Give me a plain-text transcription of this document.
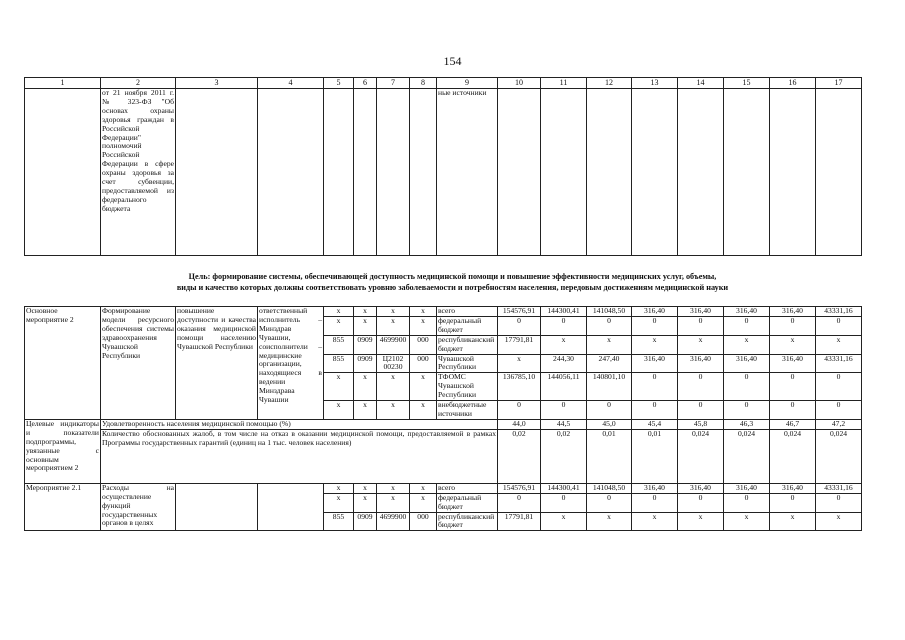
154
1	2	3	4	5	6	7	8	9	10	11	12	13	14	15	16	17
	от 21 ноября 2011 г. № 323-ФЗ "Об основах охраны здоровья граждан в Российской Федерации" полномочий Российской Федерации в сфере охраны здоровья за счет субвенции, предоставляемой из федерального бюджета							ные источники								
Цель: формирование системы, обеспечивающей доступность медицинской помощи и повышение эффективности медицинских услуг, объемы,
виды и качество которых должны соответствовать уровню заболеваемости и потребностям населения, передовым достижениям медицинской науки
Основное мероприятие 2	Формирование модели ресурсного обеспечения системы здравоохранения Чувашской Республики	повышение доступности и качества оказания медицинской помощи населению Чувашской Республики	ответственный исполнитель – Минздрав Чувашии, соисполнители – медицинские организации, находящиеся в ведении Минздрава Чувашии	x	x	x	x	всего	154576,91	144300,41	141048,50	316,40	316,40	316,40	316,40	43331,16
				x	x	x	x	федеральный бюджет	0	0	0	0	0	0	0	0
				855	0909	4699900	000	республиканский бюджет	17791,81	x	x	x	x	x	x	x
				855	0909	Ц2102 00230	000	Чувашской Республики	x	244,30	247,40	316,40	316,40	316,40	316,40	43331,16
				x	x	x	x	ТФОМС Чувашской Республики	136785,10	144056,11	140801,10	0	0	0	0	0
				x	x	x	x	внебюджетные источники	0	0	0	0	0	0	0	0
Целевые индикаторы и показатели подпрограммы, увязанные с основным мероприятием 2	Удовлетворенность населения медицинской помощью (%)								44,0	44,5	45,0	45,4	45,8	46,3	46,7	47,2
	Количество обоснованных жалоб, в том числе на отказ в оказании медицинской помощи, предоставляемой в рамках Программы государственных гарантий (единиц на 1 тыс. человек населения)								0,02	0,02	0,01	0,01	0,024	0,024	0,024	0,024
Мероприятие 2.1	Расходы на осуществление функций государственных органов в целях			x	x	x	x	всего	154576,91	144300,41	141048,50	316,40	316,40	316,40	316,40	43331,16
				x	x	x	x	федеральный бюджет	0	0	0	0	0	0	0	0
				855	0909	4699900	000	республиканский бюджет	17791,81	x	x	x	x	x	x	x
